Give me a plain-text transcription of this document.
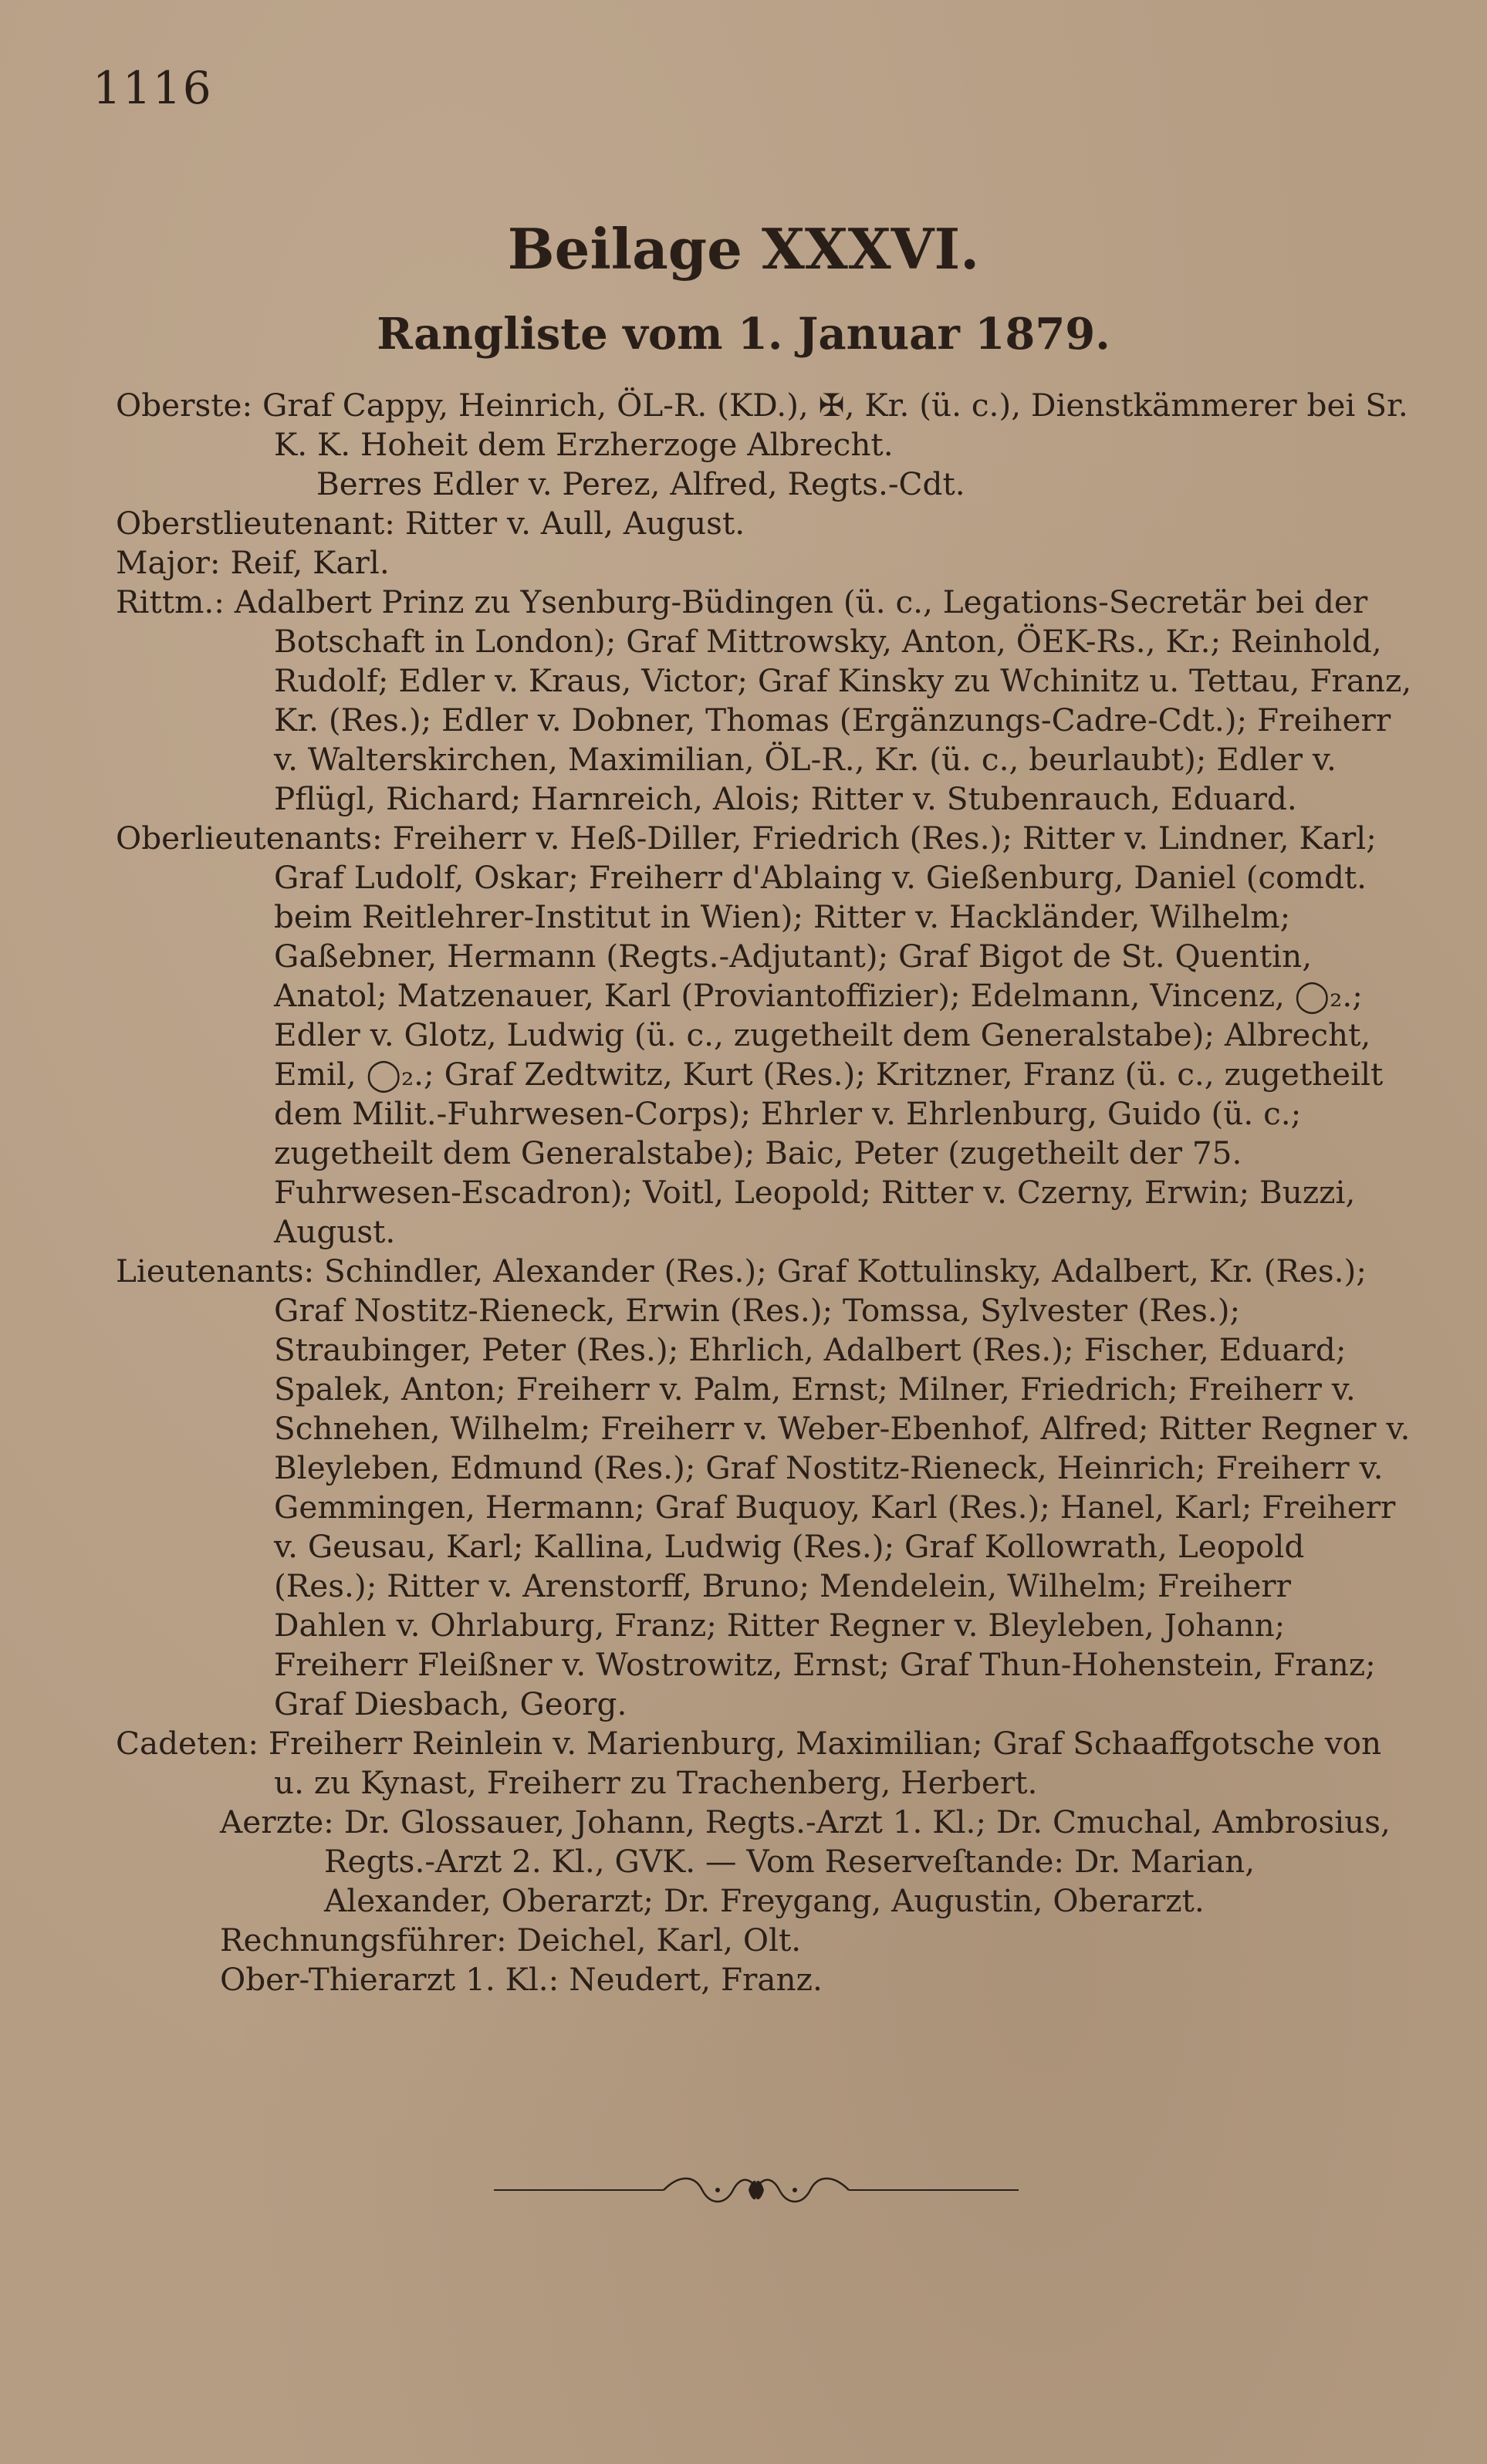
1116
Beilage XXXVI.
Rangliste vom 1. Januar 1879.

Oberste: Graf Cappy, Heinrich, ÖL-R. (KD.), ✠, Kr. (ü. c.), Dienstkämmerer bei Sr. K. K. Hoheit dem Erzherzoge Albrecht.

Berres Edler v. Perez, Alfred, Regts.-Cdt.

Oberstlieutenant: Ritter v. Aull, August.

Major: Reif, Karl.

Rittm.: Adalbert Prinz zu Ysenburg-Büdingen (ü. c., Legations-Secretär bei der Botschaft in London); Graf Mittrowsky, Anton, ÖEK-Rs., Kr.; Reinhold, Rudolf; Edler v. Kraus, Victor; Graf Kinsky zu Wchinitz u. Tettau, Franz, Kr. (Res.); Edler v. Dobner, Thomas (Ergänzungs-Cadre-Cdt.); Freiherr v. Walterskirchen, Maximilian, ÖL-R., Kr. (ü. c., beurlaubt); Edler v. Pflügl, Richard; Harnreich, Alois; Ritter v. Stubenrauch, Eduard.

Oberlieutenants: Freiherr v. Heß-Diller, Friedrich (Res.); Ritter v. Lindner, Karl; Graf Ludolf, Oskar; Freiherr d'Ablaing v. Gießenburg, Daniel (comdt. beim Reitlehrer-Institut in Wien); Ritter v. Hackländer, Wilhelm; Gaßebner, Hermann (Regts.-Adjutant); Graf Bigot de St. Quentin, Anatol; Matzenauer, Karl (Proviantoffizier); Edelmann, Vincenz, ◯₂.; Edler v. Glotz, Ludwig (ü. c., zugetheilt dem Generalstabe); Albrecht, Emil, ◯₂.; Graf Zedtwitz, Kurt (Res.); Kritzner, Franz (ü. c., zugetheilt dem Milit.-Fuhrwesen-Corps); Ehrler v. Ehrlenburg, Guido (ü. c.; zugetheilt dem Generalstabe); Baic, Peter (zugetheilt der 75. Fuhrwesen-Escadron); Voitl, Leopold; Ritter v. Czerny, Erwin; Buzzi, August.

Lieutenants: Schindler, Alexander (Res.); Graf Kottulinsky, Adalbert, Kr. (Res.); Graf Nostitz-Rieneck, Erwin (Res.); Tomssa, Sylvester (Res.); Straubinger, Peter (Res.); Ehrlich, Adalbert (Res.); Fischer, Eduard; Spalek, Anton; Freiherr v. Palm, Ernst; Milner, Friedrich; Freiherr v. Schnehen, Wilhelm; Freiherr v. Weber-Ebenhof, Alfred; Ritter Regner v. Bleyleben, Edmund (Res.); Graf Nostitz-Rieneck, Heinrich; Freiherr v. Gemmingen, Hermann; Graf Buquoy, Karl (Res.); Hanel, Karl; Freiherr v. Geusau, Karl; Kallina, Ludwig (Res.); Graf Kollowrath, Leopold (Res.); Ritter v. Arenstorff, Bruno; Mendelein, Wilhelm; Freiherr Dahlen v. Ohrlaburg, Franz; Ritter Regner v. Bleyleben, Johann; Freiherr Fleißner v. Wostrowitz, Ernst; Graf Thun-Hohenstein, Franz; Graf Diesbach, Georg.

Cadeten: Freiherr Reinlein v. Marienburg, Maximilian; Graf Schaaffgotsche von u. zu Kynast, Freiherr zu Trachenberg, Herbert.

Aerzte: Dr. Glossauer, Johann, Regts.-Arzt 1. Kl.; Dr. Cmuchal, Ambrosius, Regts.-Arzt 2. Kl., GVK. — Vom Reserveſtande: Dr. Marian, Alexander, Oberarzt; Dr. Freygang, Augustin, Oberarzt.

Rechnungsführer: Deichel, Karl, Olt.

Ober-Thierarzt 1. Kl.: Neudert, Franz.
